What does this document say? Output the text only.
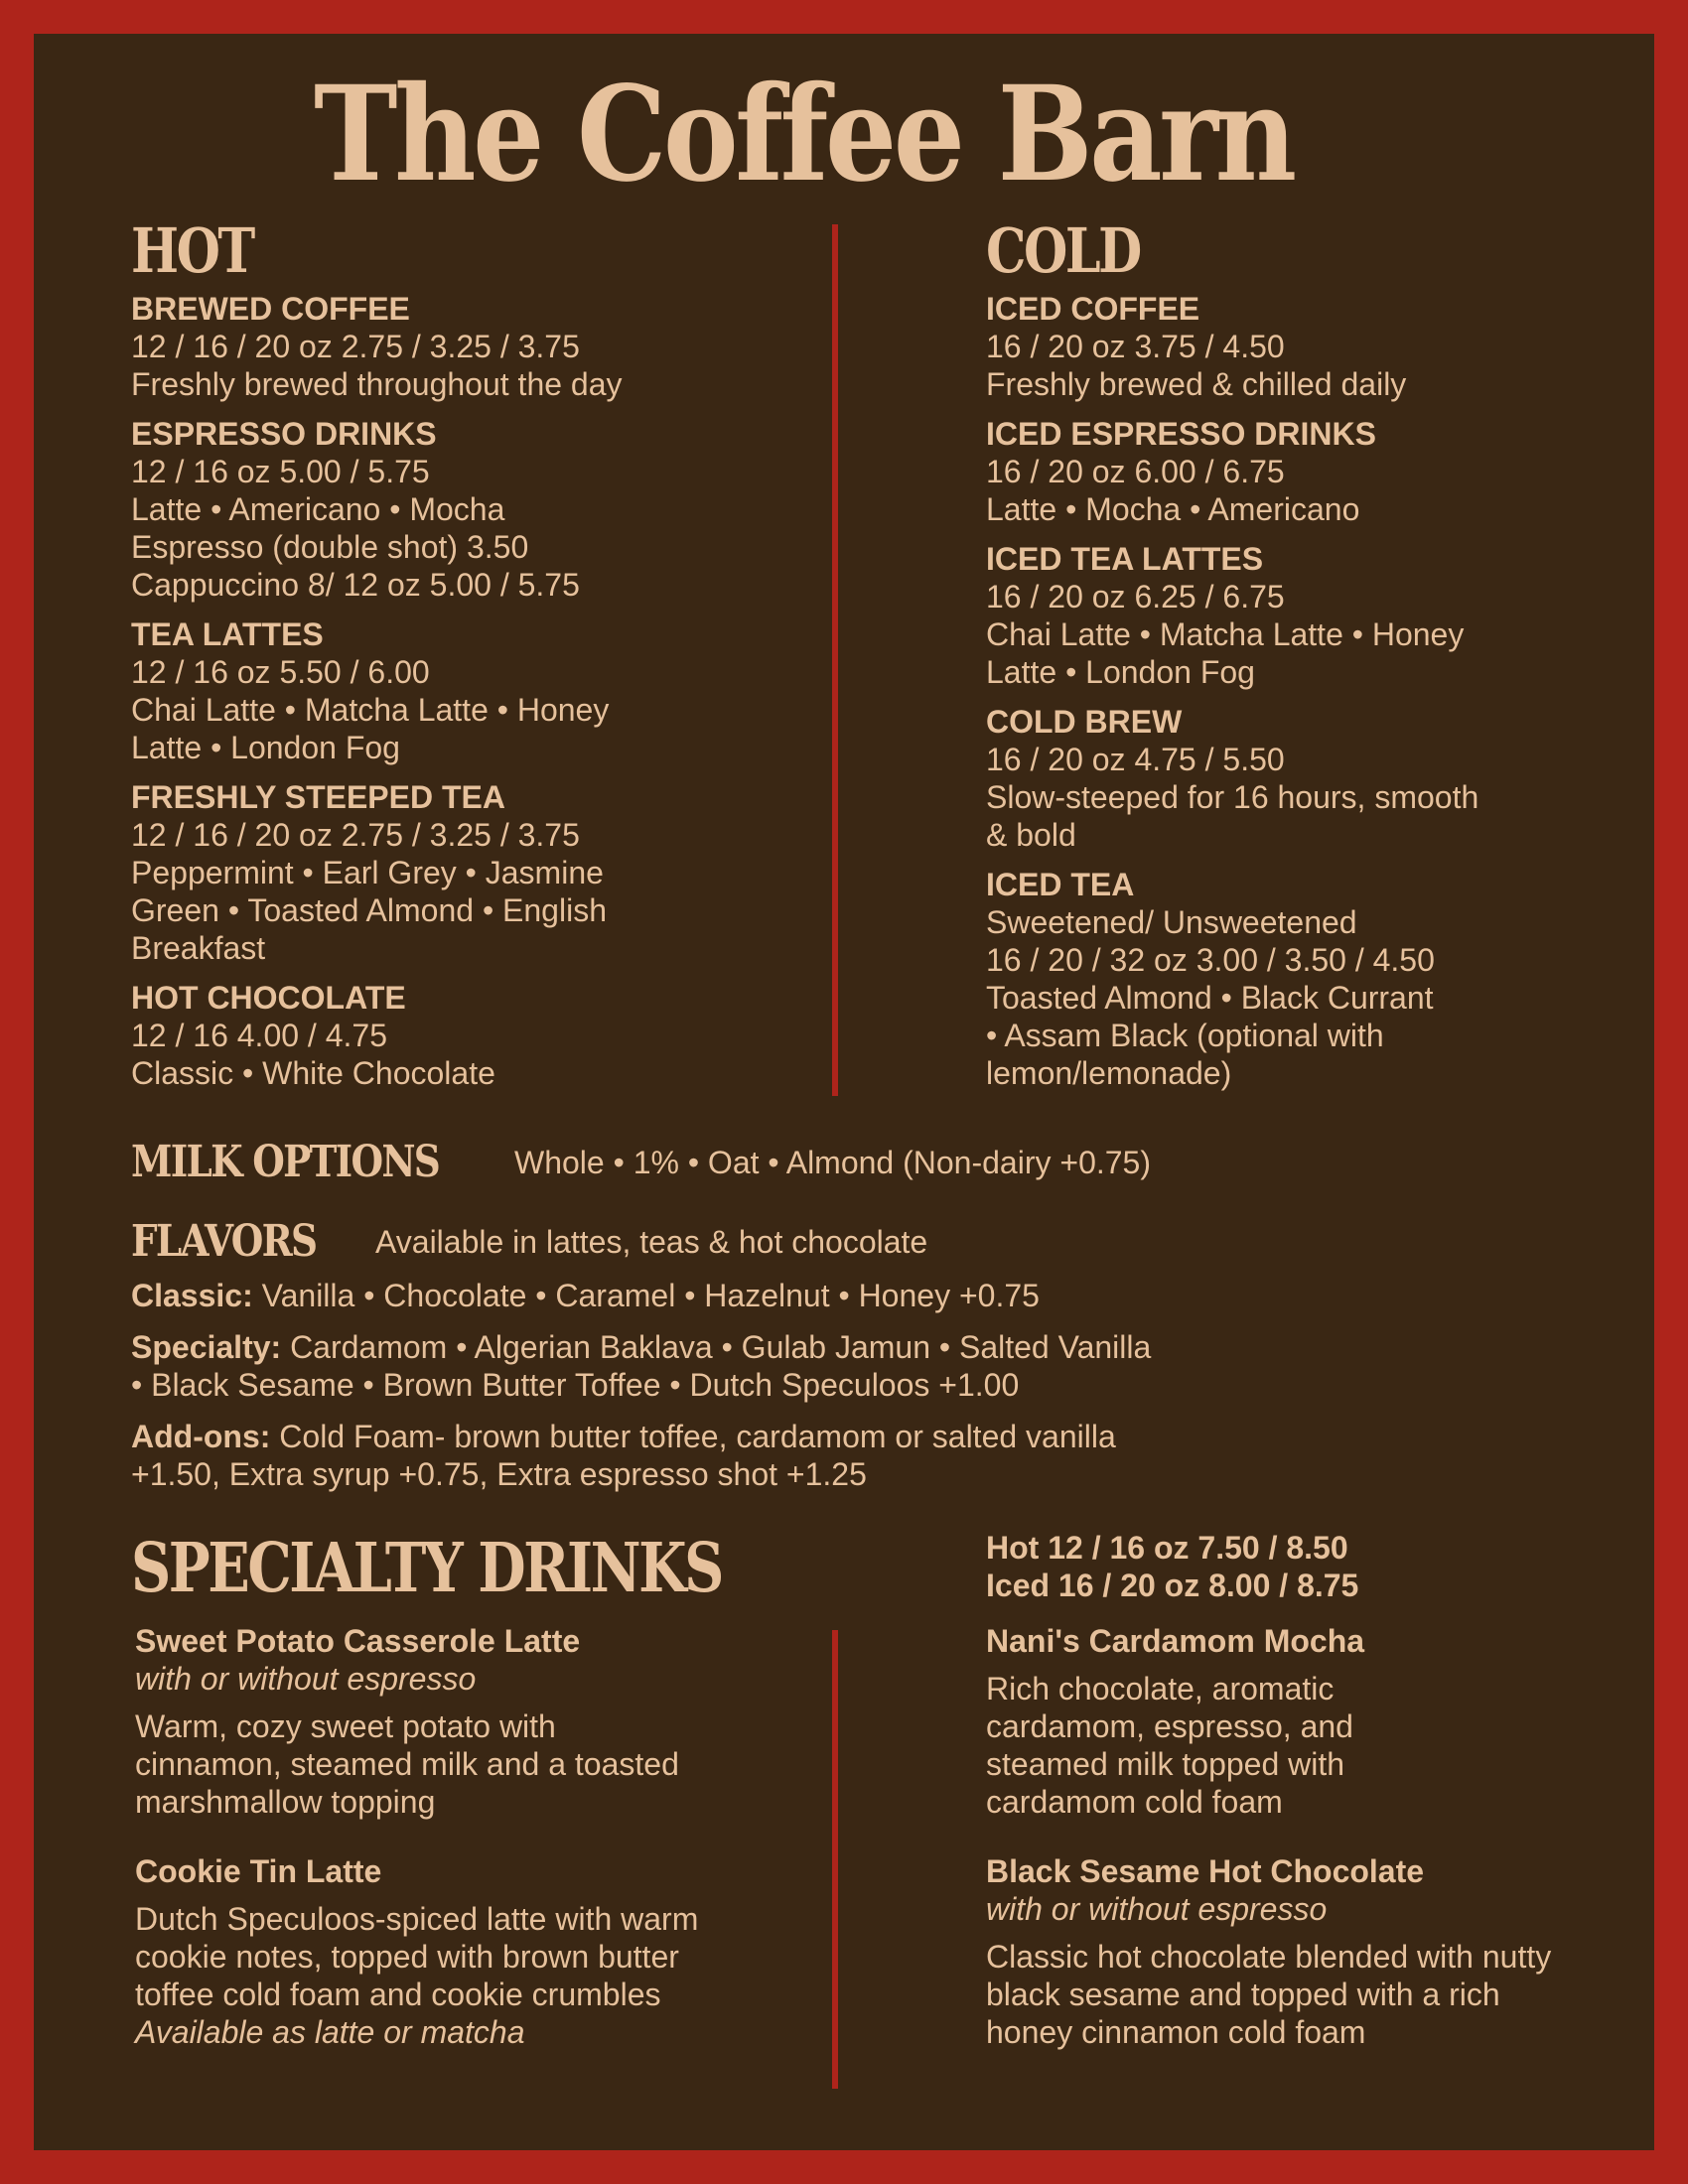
The Coffee Barn
HOT	COLD
BREWED COFFEE
12 / 16 / 20 oz 2.75 / 3.25 / 3.75
Freshly brewed throughout the day
ESPRESSO DRINKS
12 / 16 oz 5.00 / 5.75
Latte • Americano • Mocha
Espresso (double shot) 3.50
Cappuccino 8/ 12 oz 5.00 / 5.75
TEA LATTES
12 / 16 oz 5.50 / 6.00
Chai Latte • Matcha Latte • Honey
Latte • London Fog
FRESHLY STEEPED TEA
12 / 16 / 20 oz 2.75 / 3.25 / 3.75
Peppermint • Earl Grey • Jasmine
Green • Toasted Almond • English
Breakfast
HOT CHOCOLATE
12 / 16 4.00 / 4.75
Classic • White Chocolate
ICED COFFEE
16 / 20 oz 3.75 / 4.50
Freshly brewed & chilled daily
ICED ESPRESSO DRINKS
16 / 20 oz 6.00 / 6.75
Latte • Mocha • Americano
ICED TEA LATTES
16 / 20 oz 6.25 / 6.75
Chai Latte • Matcha Latte • Honey
Latte • London Fog
COLD BREW
16 / 20 oz 4.75 / 5.50
Slow-steeped for 16 hours, smooth
& bold
ICED TEA
Sweetened/ Unsweetened
16 / 20 / 32 oz 3.00 / 3.50 / 4.50
Toasted Almond • Black Currant
• Assam Black (optional with
lemon/lemonade)
MILK OPTIONS Whole • 1% • Oat • Almond (Non-dairy +0.75)
FLAVORS Available in lattes, teas & hot chocolate
Classic: Vanilla • Chocolate • Caramel • Hazelnut • Honey +0.75
Specialty: Cardamom • Algerian Baklava • Gulab Jamun • Salted Vanilla
• Black Sesame • Brown Butter Toffee • Dutch Speculoos +1.00
Add-ons: Cold Foam- brown butter toffee, cardamom or salted vanilla
+1.50, Extra syrup +0.75, Extra espresso shot +1.25
SPECIALTY DRINKS	Hot 12 / 16 oz 7.50 / 8.50
Iced 16 / 20 oz 8.00 / 8.75
Sweet Potato Casserole Latte
with or without espresso
Warm, cozy sweet potato with cinnamon, steamed milk and a toasted marshmallow topping
Nani's Cardamom Mocha
Rich chocolate, aromatic cardamom, espresso, and steamed milk topped with cardamom cold foam
Cookie Tin Latte
Dutch Speculoos-spiced latte with warm cookie notes, topped with brown butter toffee cold foam and cookie crumbles
Available as latte or matcha
Black Sesame Hot Chocolate
with or without espresso
Classic hot chocolate blended with nutty black sesame and topped with a rich honey cinnamon cold foam
